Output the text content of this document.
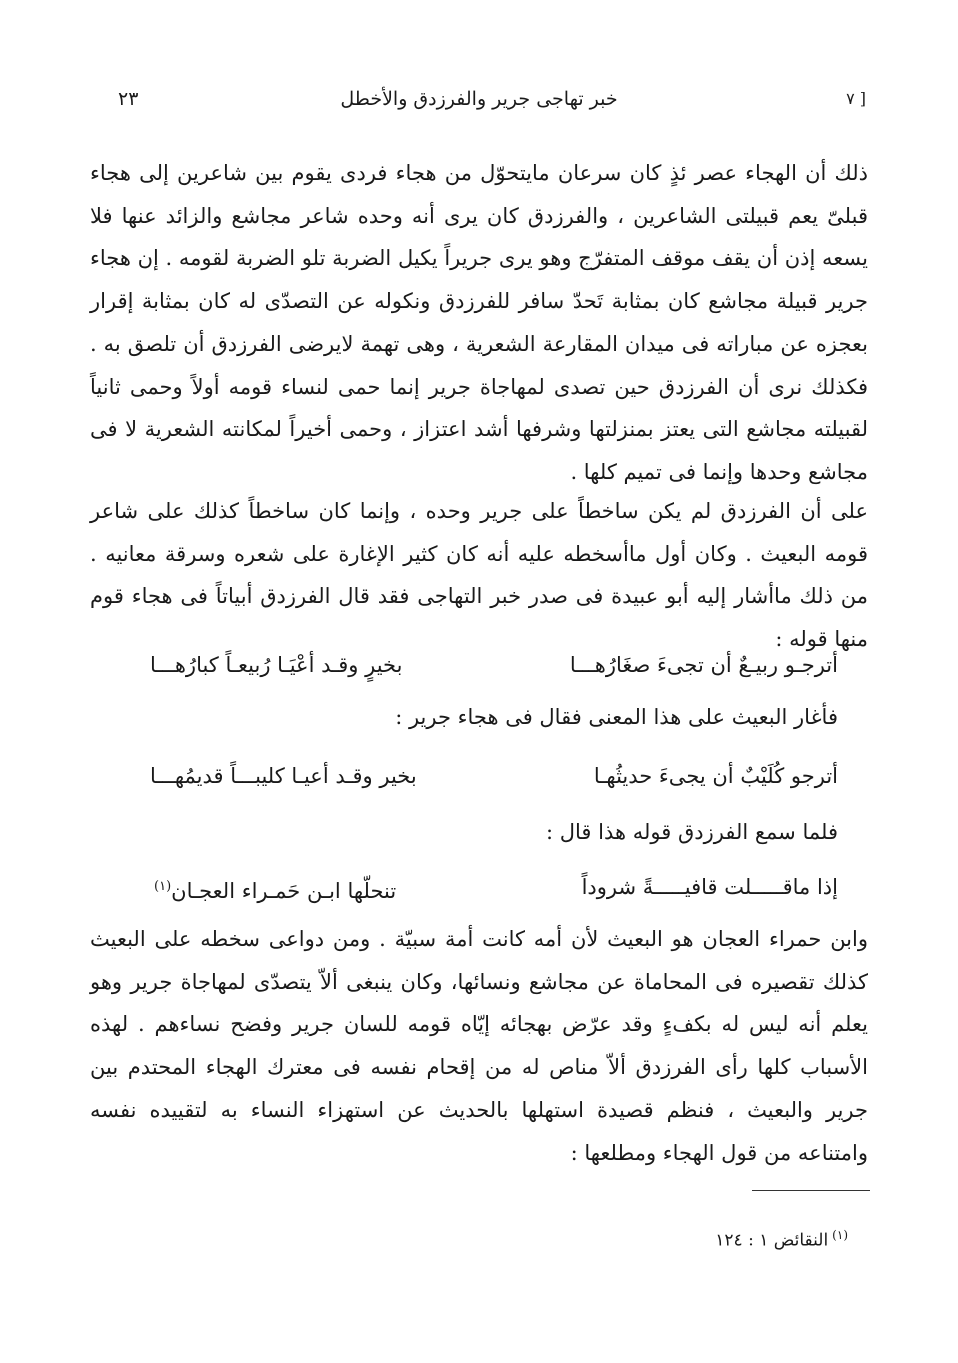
٢٣	خبر تهاجى جرير والفرزدق والأخطل	[ ٧

ذلك أن الهجاء عصر ئذٍ كان سرعان مايتحوّل من هجاء فردى يقوم بين شاعرين إلى هجاء قبلىّ يعم قبيلتى الشاعرين ، والفرزدق كان يرى أنه وحده شاعر مجاشع والزائد عنها فلا يسعه إذن أن يقف موقف المتفرّج وهو يرى جريراً يكيل الضربة تلو الضربة لقومه . إن هجاء جرير قبيلة مجاشع كان بمثابة تَحدّ سافر للفرزدق ونكوله عن التصدّى له كان بمثابة إقرار بعجزه عن مباراته فى ميدان المقارعة الشعرية ، وهى تهمة لايرضى الفرزدق أن تلصق به . فكذلك نرى أن الفرزدق حين تصدى لمهاجاة جرير إنما حمى لنساء قومه أولاً وحمى ثانياً لقبيلته مجاشع التى يعتز بمنزلتها وشرفها أشد اعتزاز ، وحمى أخيراً لمكانته الشعرية لا فى مجاشع وحدها وإنما فى تميم كلها .

على أن الفرزدق لم يكن ساخطاً على جرير وحده ، وإنما كان ساخطاً كذلك على شاعر قومه البعيث . وكان أول ماأسخطه عليه أنه كان كثير الإغارة على شعره وسرقة معانيه . من ذلك ماأشار إليه أبو عبيدة فى صدر خبر التهاجى فقد قال الفرزدق أبياتاً فى هجاء قوم منها قوله :

أترجـو ربيـعٌ أن تجىءَ صغَارُهـــا
بخيرٍ وقـد أعْيَـا رُبيعـاً كبارُهـــا

فأغار البعيث على هذا المعنى فقال فى هجاء جرير :

أترجو كُلَيْبٌ أن يجىءَ حديثُهـا
بخير وقـد أعيـا كليبـــاً قديمُهـــا

فلما سمع الفرزدق قوله هذا قال :

إذا ماقـــــلت قافيـــــةً شروداً
تنحلّها ابـن حَمـراء العجـان$^{(١)}$

وابن حمراء العجان هو البعيث لأن أمه كانت أمة سبيّة . ومن دواعى سخطه على البعيث كذلك تقصيره فى المحاماة عن مجاشع ونسائها، وكان ينبغى ألاّ يتصدّى لمهاجاة جرير وهو يعلم أنه ليس له بكفءٍ وقد عرّض بهجائه إيّاه قومه للسان جرير وفضح نساءهم . لهذه الأسباب كلها رأى الفرزدق ألاّ مناص له من إقحام نفسه فى معترك الهجاء المحتدم بين جرير والبعيث ، فنظم قصيدة استهلها بالحديث عن استهزاء النساء به لتقييده نفسه وامتناعه من قول الهجاء ومطلعها :

$^{(١)}$النقائض ١ : ١٢٤
